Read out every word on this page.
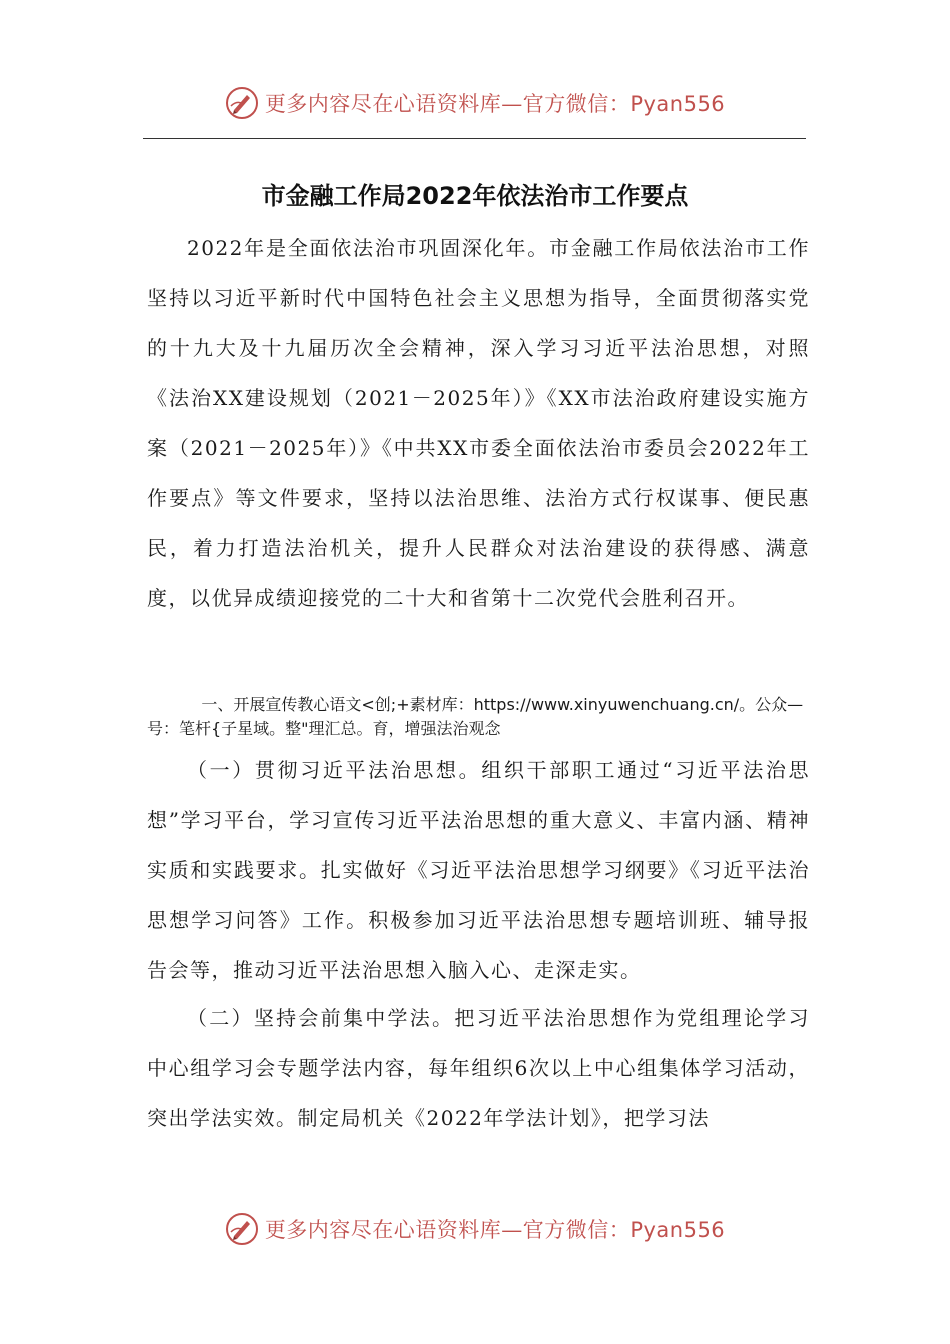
更多内容尽在心语资料库—官方微信：Pyan556
市金融工作局2022年依法治市工作要点

2022年是全面依法治市巩固深化年。市金融工作局依法治市工作坚持以习近平新时代中国特色社会主义思想为指导，全面贯彻落实党的十九大及十九届历次全会精神，深入学习习近平法治思想，对照《法治XX建设规划（2021－2025年）》《XX市法治政府建设实施方案（2021－2025年）》《中共XX市委全面依法治市委员会2022年工作要点》等文件要求，坚持以法治思维、法治方式行权谋事、便民惠民，着力打造法治机关，提升人民群众对法治建设的获得感、满意度，以优异成绩迎接党的二十大和省第十二次党代会胜利召开。

一、开展宣传教心语文<创;+素材库：https://www.xinyuwenchuang.cn/。公众—号：笔杆{子星域。整"理汇总。育，增强法治观念

（一）贯彻习近平法治思想。组织干部职工通过“习近平法治思想”学习平台，学习宣传习近平法治思想的重大意义、丰富内涵、精神实质和实践要求。扎实做好《习近平法治思想学习纲要》《习近平法治思想学习问答》工作。积极参加习近平法治思想专题培训班、辅导报告会等，推动习近平法治思想入脑入心、走深走实。

（二）坚持会前集中学法。把习近平法治思想作为党组理论学习中心组学习会专题学法内容，每年组织6次以上中心组集体学习活动，突出学法实效。制定局机关《2022年学法计划》，把学习法

更多内容尽在心语资料库—官方微信：Pyan556
